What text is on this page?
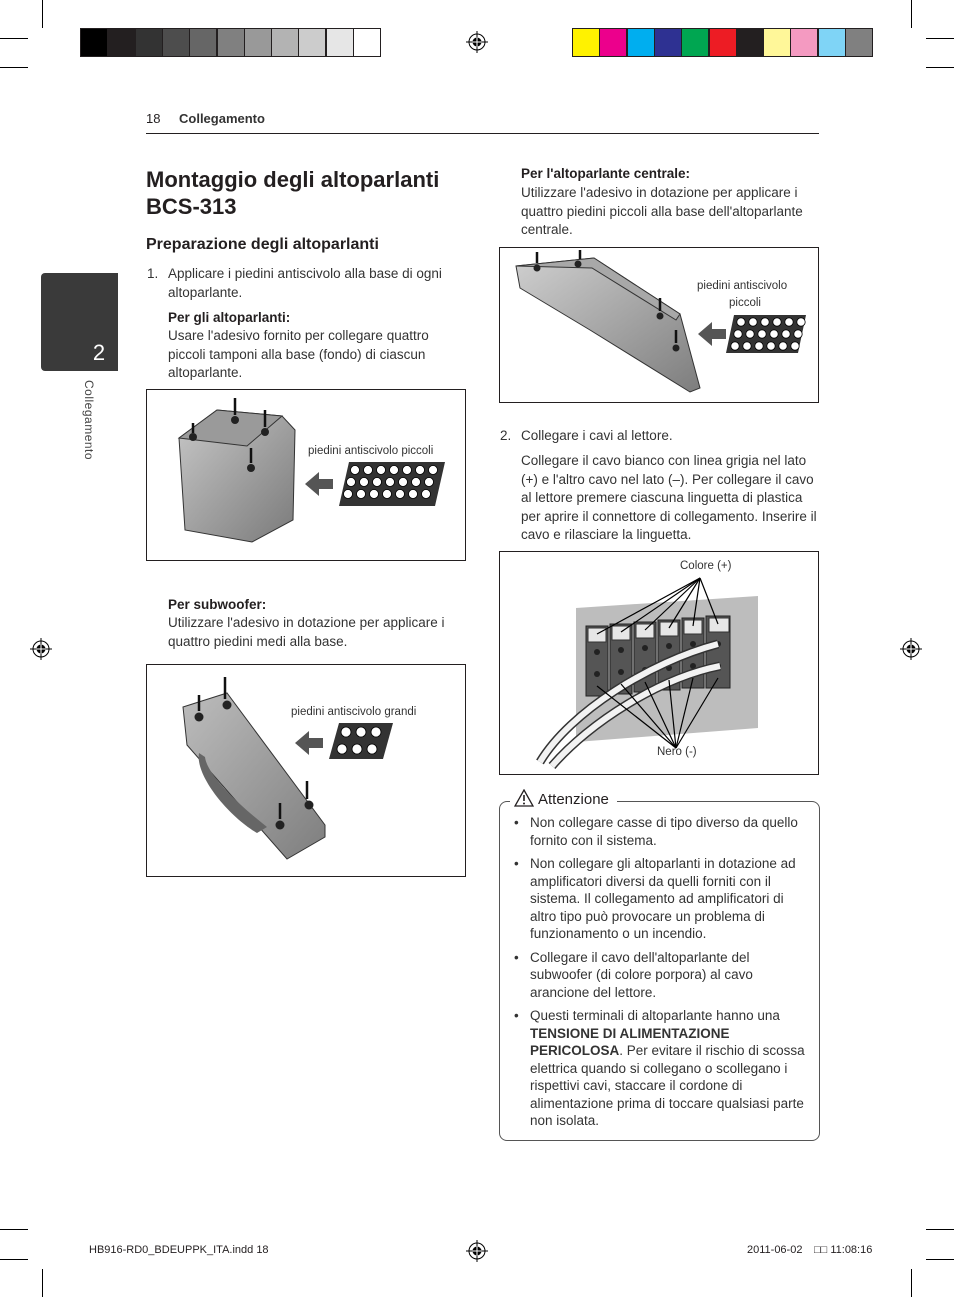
18 Collegamento
2
Collegamento
Montaggio degli altoparlanti BCS-313
Preparazione degli altoparlanti
1. Applicare i piedini antiscivolo alla base di ogni altoparlante.
Per gli altoparlanti:
Usare l'adesivo fornito per collegare quattro piccoli tamponi alla base (fondo) di ciascun altoparlante.
piedini antiscivolo piccoli
Per subwoofer:
Utilizzare l'adesivo in dotazione per applicare i quattro piedini medi alla base.
piedini antiscivolo grandi
Per l'altoparlante centrale:
Utilizzare l'adesivo in dotazione per applicare i quattro piedini piccoli alla base dell'altoparlante centrale.
piedini antiscivolo
piccoli
2. Collegare i cavi al lettore.
Collegare il cavo bianco con linea grigia nel lato (+) e l'altro cavo nel lato (–). Per collegare il cavo al lettore premere ciascuna linguetta di plastica per aprire il connettore di collegamento. Inserire il cavo e rilasciare la linguetta.
Colore (+)
Nero (-)
Attenzione
• Non collegare casse di tipo diverso da quello fornito con il sistema.
• Non collegare gli altoparlanti in dotazione ad amplificatori diversi da quelli forniti con il sistema. Il collegamento ad amplificatori di altro tipo può provocare un problema di funzionamento o un incendio.
• Collegare il cavo dell'altoparlante del subwoofer (di colore porpora) al cavo arancione del lettore.
• Questi terminali di altoparlante hanno una TENSIONE DI ALIMENTAZIONE PERICOLOSA. Per evitare il rischio di scossa elettrica quando si collegano o scollegano i rispettivi cavi, staccare il cordone di alimentazione prima di toccare qualsiasi parte non isolata.
HB916-RD0_BDEUPPK_ITA.indd 18	2011-06-02 □□ 11:08:16
